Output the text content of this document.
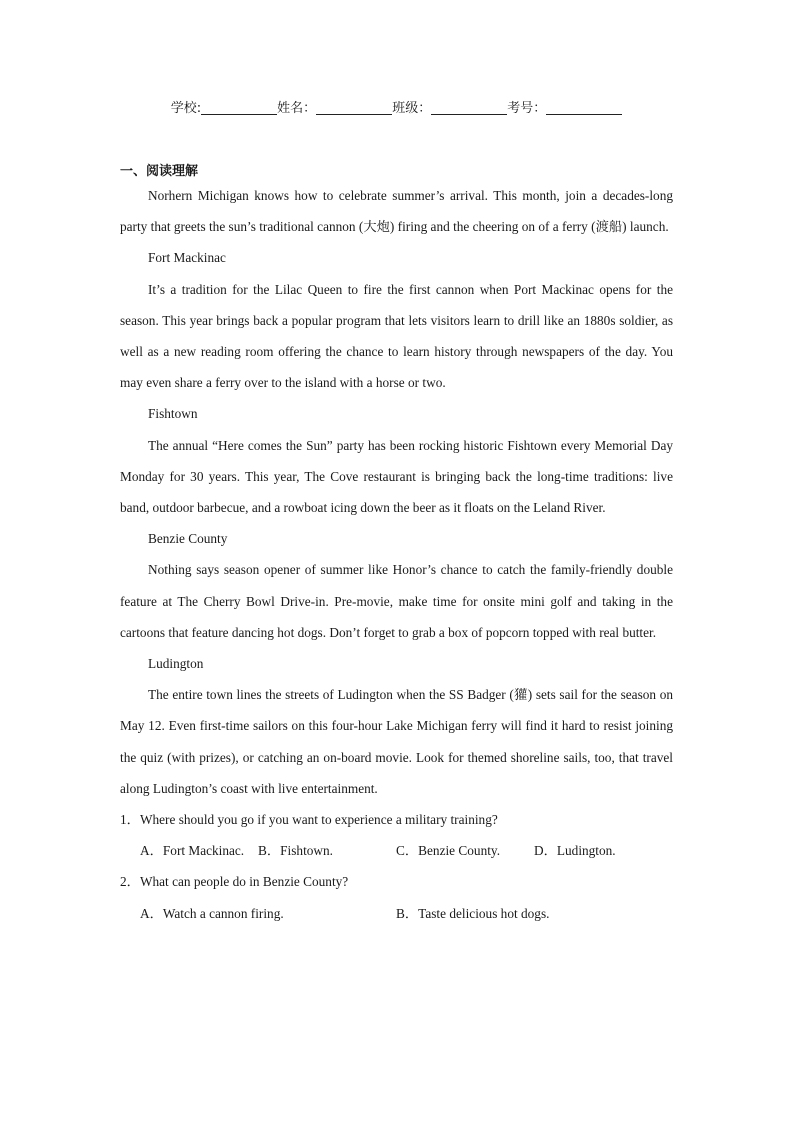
学校:	姓名：	班级：	考号：
一、阅读理解

Norhern Michigan knows how to celebrate summer’s arrival. This month, join a decades-long party that greets the sun’s traditional cannon (大炮) firing and the cheering on of a ferry (渡船) launch.

Fort Mackinac

It’s a tradition for the Lilac Queen to fire the first cannon when Port Mackinac opens for the season. This year brings back a popular program that lets visitors learn to drill like an 1880s soldier, as well as a new reading room offering the chance to learn history through newspapers of the day. You may even share a ferry over to the island with a horse or two.

Fishtown

The annual “Here comes the Sun” party has been rocking historic Fishtown every Memorial Day Monday for 30 years. This year, The Cove restaurant is bringing back the long-time traditions: live band, outdoor barbecue, and a rowboat icing down the beer as it floats on the Leland River.

Benzie County

Nothing says season opener of summer like Honor’s chance to catch the family-friendly double feature at The Cherry Bowl Drive-in. Pre-movie, make time for onsite mini golf and taking in the cartoons that feature dancing hot dogs. Don’t forget to grab a box of popcorn topped with real butter.

Ludington

The entire town lines the streets of Ludington when the SS Badger (獾) sets sail for the season on May 12. Even first-time sailors on this four-hour Lake Michigan ferry will find it hard to resist joining the quiz (with prizes), or catching an on-board movie. Look for themed shoreline sails, too, that travel along Ludington’s coast with live entertainment.

1．Where should you go if you want to experience a military training?

A．Fort Mackinac. B．Fishtown.	C．Benzie County.	D．Ludington.

2．What can people do in Benzie County?

A．Watch a cannon firing.	B．Taste delicious hot dogs.
